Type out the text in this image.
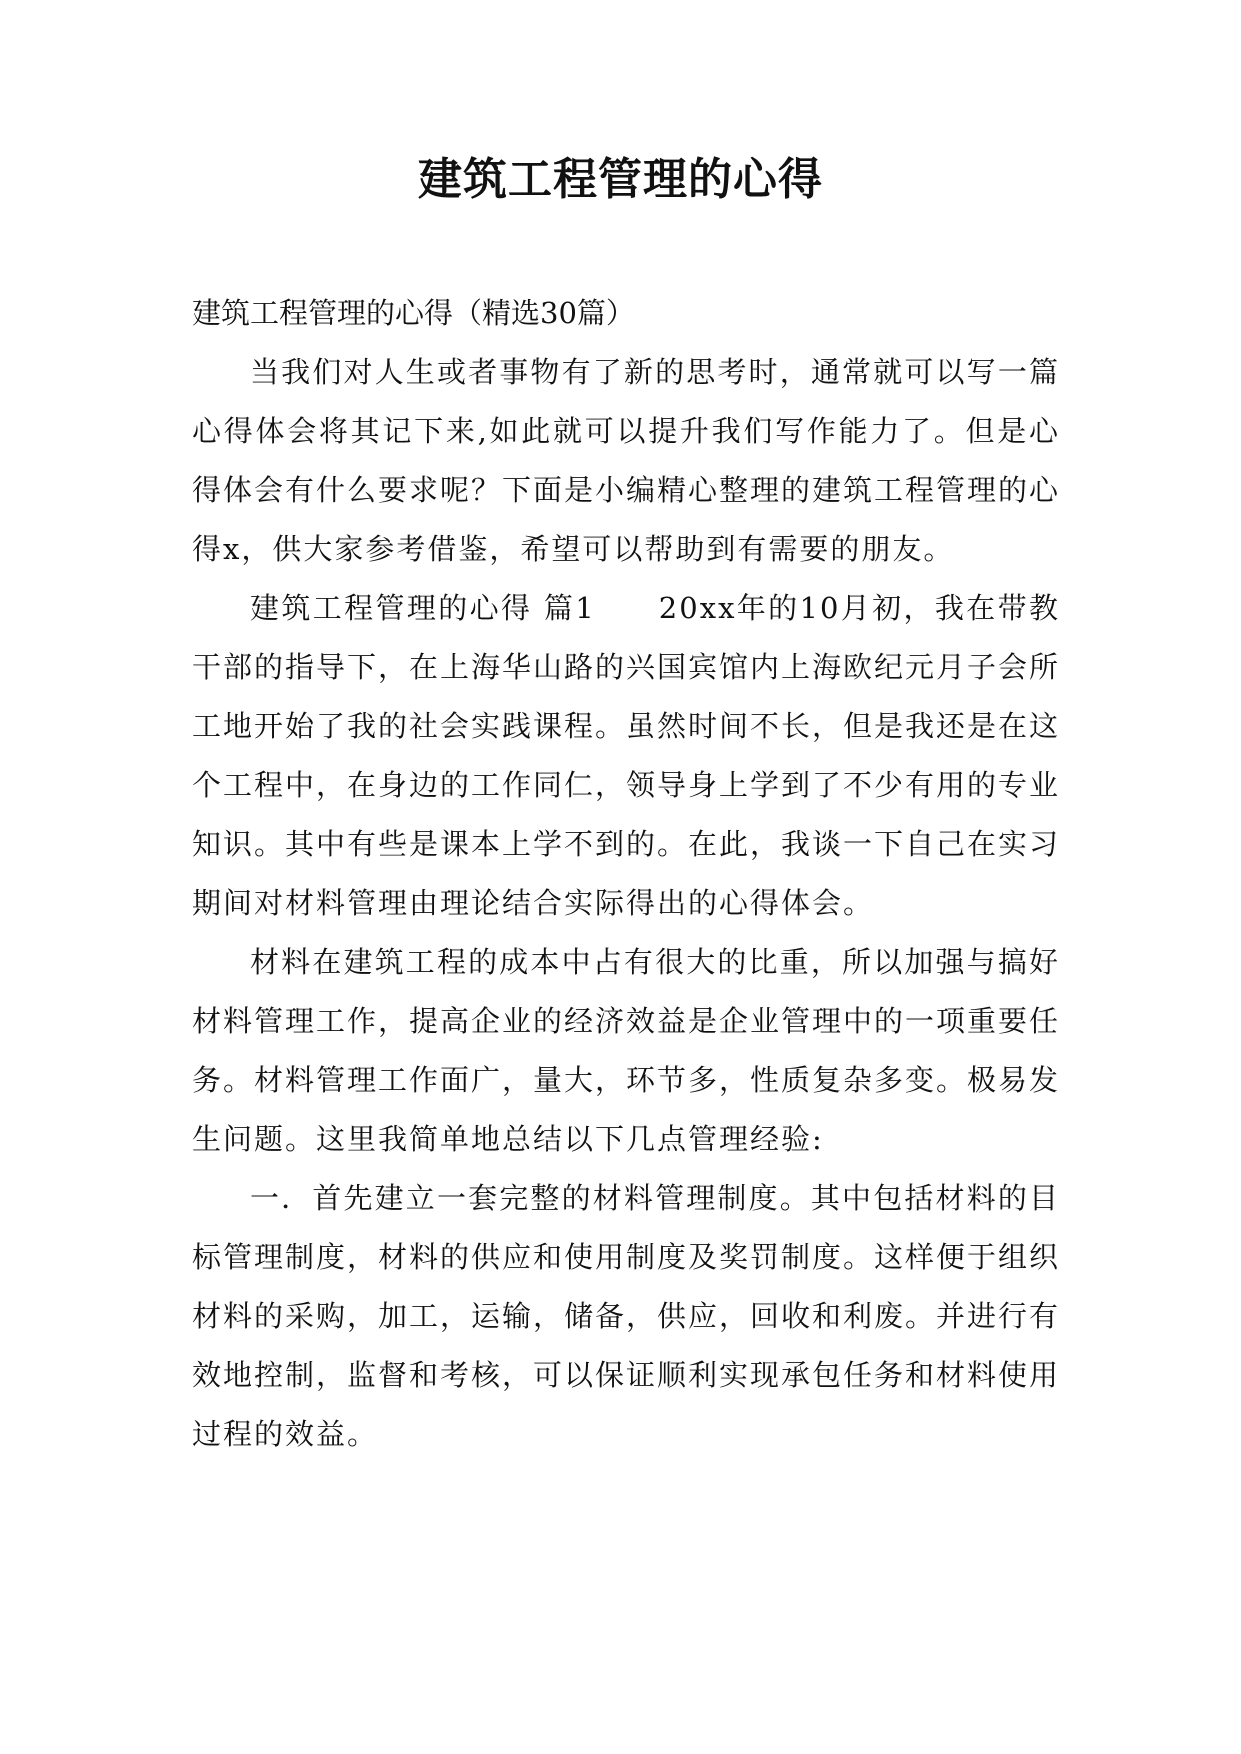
建筑工程管理的心得

建筑工程管理的心得（精选30篇）

当我们对人生或者事物有了新的思考时，通常就可以写一篇心得体会将其记下来,如此就可以提升我们写作能力了。但是心得体会有什么要求呢？下面是小编精心整理的建筑工程管理的心得x，供大家参考借鉴，希望可以帮助到有需要的朋友。

建筑工程管理的心得 篇1　　20xx年的10月初，我在带教干部的指导下，在上海华山路的兴国宾馆内上海欧纪元月子会所工地开始了我的社会实践课程。虽然时间不长，但是我还是在这个工程中，在身边的工作同仁，领导身上学到了不少有用的专业知识。其中有些是课本上学不到的。在此，我谈一下自己在实习期间对材料管理由理论结合实际得出的心得体会。

材料在建筑工程的成本中占有很大的比重，所以加强与搞好材料管理工作，提高企业的经济效益是企业管理中的一项重要任务。材料管理工作面广，量大，环节多，性质复杂多变。极易发生问题。这里我简单地总结以下几点管理经验:

一．首先建立一套完整的材料管理制度。其中包括材料的目标管理制度，材料的供应和使用制度及奖罚制度。这样便于组织材料的采购，加工，运输，储备，供应，回收和利废。并进行有效地控制，监督和考核，可以保证顺利实现承包任务和材料使用过程的效益。
